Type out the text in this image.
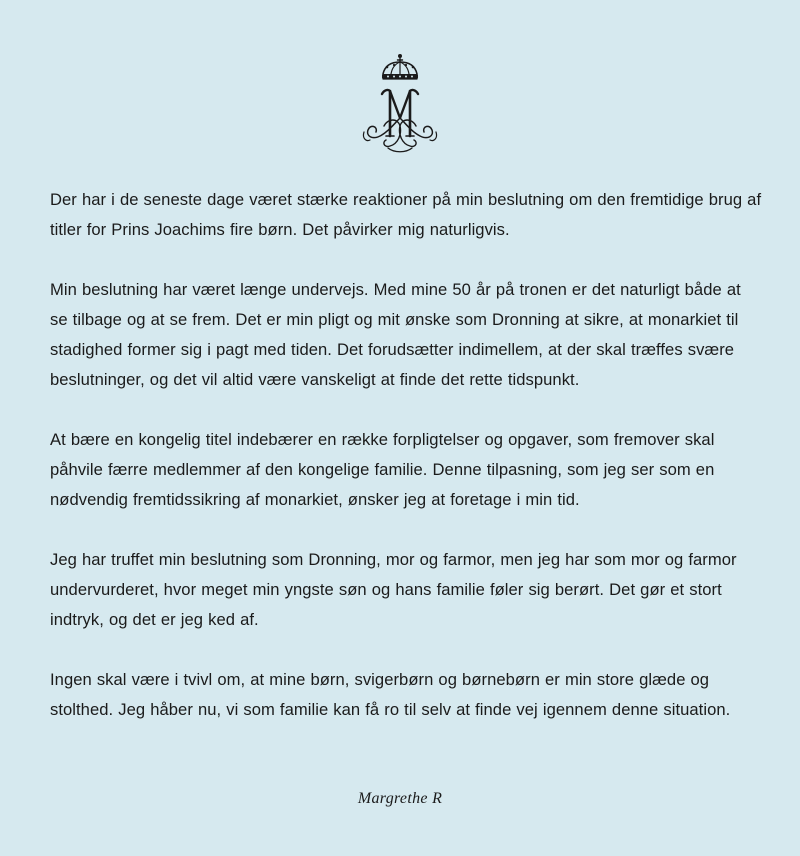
Der har i de seneste dage været stærke reaktioner på min beslutning om den fremtidige brug af
titler for Prins Joachims fire børn. Det påvirker mig naturligvis.

Min beslutning har været længe undervejs. Med mine 50 år på tronen er det naturligt både at
se tilbage og at se frem. Det er min pligt og mit ønske som Dronning at sikre, at monarkiet til
stadighed former sig i pagt med tiden. Det forudsætter indimellem, at der skal træffes svære
beslutninger, og det vil altid være vanskeligt at finde det rette tidspunkt.

At bære en kongelig titel indebærer en række forpligtelser og opgaver, som fremover skal
påhvile færre medlemmer af den kongelige familie. Denne tilpasning, som jeg ser som en
nødvendig fremtidssikring af monarkiet, ønsker jeg at foretage i min tid.

Jeg har truffet min beslutning som Dronning, mor og farmor, men jeg har som mor og farmor
undervurderet, hvor meget min yngste søn og hans familie føler sig berørt. Det gør et stort
indtryk, og det er jeg ked af.

Ingen skal være i tvivl om, at mine børn, svigerbørn og børnebørn er min store glæde og
stolthed. Jeg håber nu, vi som familie kan få ro til selv at finde vej igennem denne situation.

Margrethe R
